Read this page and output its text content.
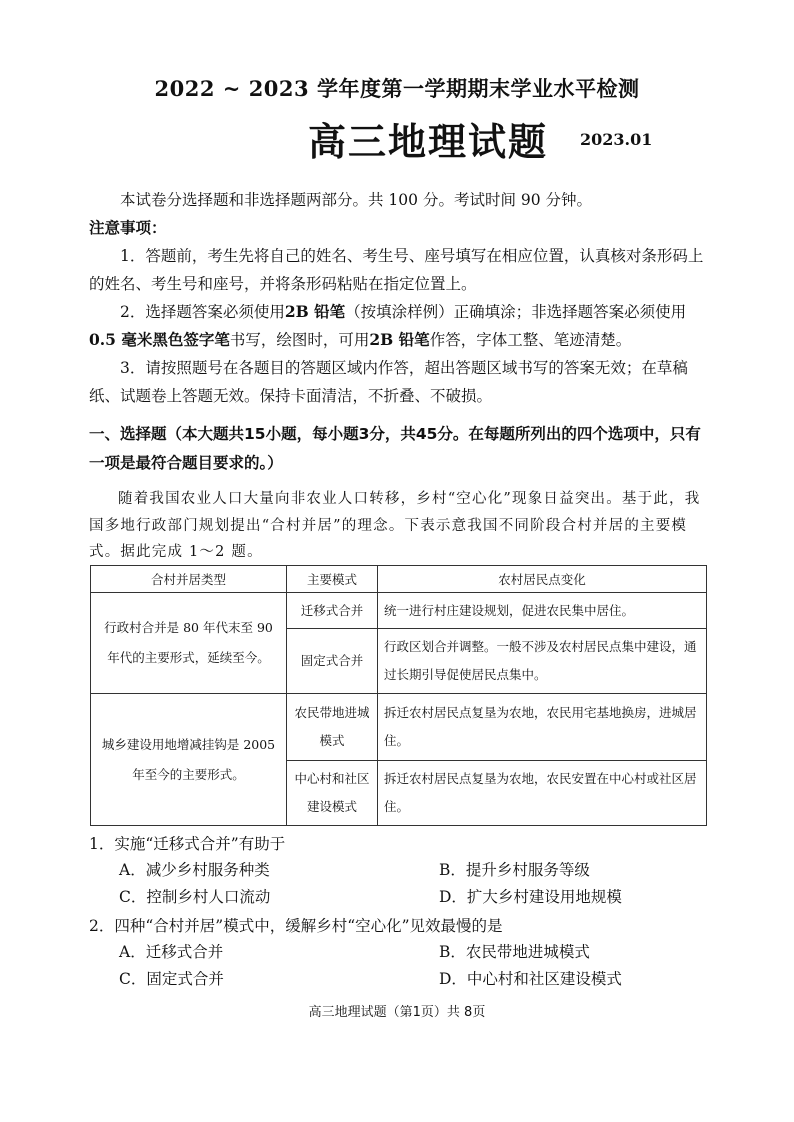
2022 ~ 2023 学年度第一学期期末学业水平检测
高三地理试题 2023.01
本试卷分选择题和非选择题两部分。共 100 分。考试时间 90 分钟。
注意事项：
1．答题前，考生先将自己的姓名、考生号、座号填写在相应位置，认真核对条形码上的姓名、考生号和座号，并将条形码粘贴在指定位置上。
2．选择题答案必须使用2B 铅笔（按填涂样例）正确填涂；非选择题答案必须使用0.5 毫米黑色签字笔书写，绘图时，可用2B 铅笔作答，字体工整、笔迹清楚。
3．请按照题号在各题目的答题区域内作答，超出答题区域书写的答案无效；在草稿纸、试题卷上答题无效。保持卡面清洁，不折叠、不破损。
一、选择题（本大题共15小题，每小题3分，共45分。在每题所列出的四个选项中，只有一项是最符合题目要求的。）
随着我国农业人口大量向非农业人口转移，乡村“空心化”现象日益突出。基于此，我国多地行政部门规划提出“合村并居”的理念。下表示意我国不同阶段合村并居的主要模式。据此完成 1～2 题。
合村并居类型	主要模式	农村居民点变化
行政村合并是 80 年代末至 90 年代的主要形式，延续至今。	迁移式合并	统一进行村庄建设规划，促进农民集中居住。
	固定式合并	行政区划合并调整。一般不涉及农村居民点集中建设，通过长期引导促使居民点集中。
城乡建设用地增减挂钩是 2005 年至今的主要形式。	农民带地进城模式	拆迁农村居民点复垦为农地，农民用宅基地换房，进城居住。
	中心村和社区建设模式	拆迁农村居民点复垦为农地，农民安置在中心村或社区居住。
1．实施“迁移式合并”有助于
A．减少乡村服务种类	B．提升乡村服务等级
C．控制乡村人口流动	D．扩大乡村建设用地规模
2．四种“合村并居”模式中，缓解乡村“空心化”见效最慢的是
A．迁移式合并	B．农民带地进城模式
C．固定式合并	D．中心村和社区建设模式
高三地理试题（第1页）共 8页
